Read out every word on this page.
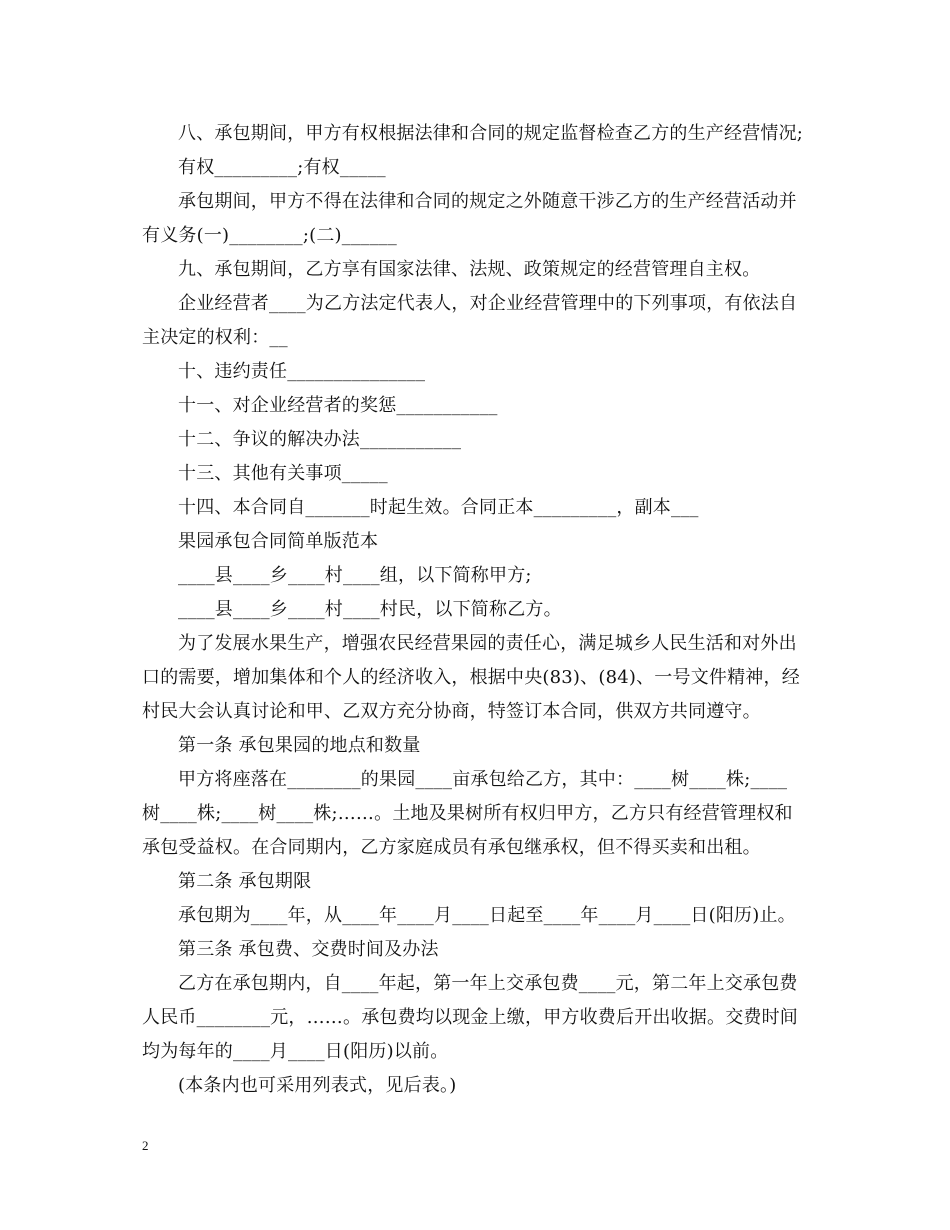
八、承包期间，甲方有权根据法律和合同的规定监督检查乙方的生产经营情况;
有权_________;有权_____
承包期间，甲方不得在法律和合同的规定之外随意干涉乙方的生产经营活动并
有义务(一)________;(二)______
九、承包期间，乙方享有国家法律、法规、政策规定的经营管理自主权。
企业经营者____为乙方法定代表人，对企业经营管理中的下列事项，有依法自
主决定的权利：__
十、违约责任_______________
十一、对企业经营者的奖惩___________
十二、争议的解决办法___________
十三、其他有关事项_____
十四、本合同自_______时起生效。合同正本_________，副本___
果园承包合同简单版范本
____县____乡____村____组，以下简称甲方;
____县____乡____村____村民，以下简称乙方。
为了发展水果生产，增强农民经营果园的责任心，满足城乡人民生活和对外出
口的需要，增加集体和个人的经济收入，根据中央(83)、(84)、一号文件精神，经
村民大会认真讨论和甲、乙双方充分协商，特签订本合同，供双方共同遵守。
第一条 承包果园的地点和数量
甲方将座落在________的果园____亩承包给乙方，其中：____树____株;____
树____株;____树____株;……。土地及果树所有权归甲方，乙方只有经营管理权和
承包受益权。在合同期内，乙方家庭成员有承包继承权，但不得买卖和出租。
第二条 承包期限
承包期为____年，从____年____月____日起至____年____月____日(阳历)止。
第三条 承包费、交费时间及办法
乙方在承包期内，自____年起，第一年上交承包费____元，第二年上交承包费
人民币________元，……。承包费均以现金上缴，甲方收费后开出收据。交费时间
均为每年的____月____日(阳历)以前。
(本条内也可采用列表式，见后表。)
2
